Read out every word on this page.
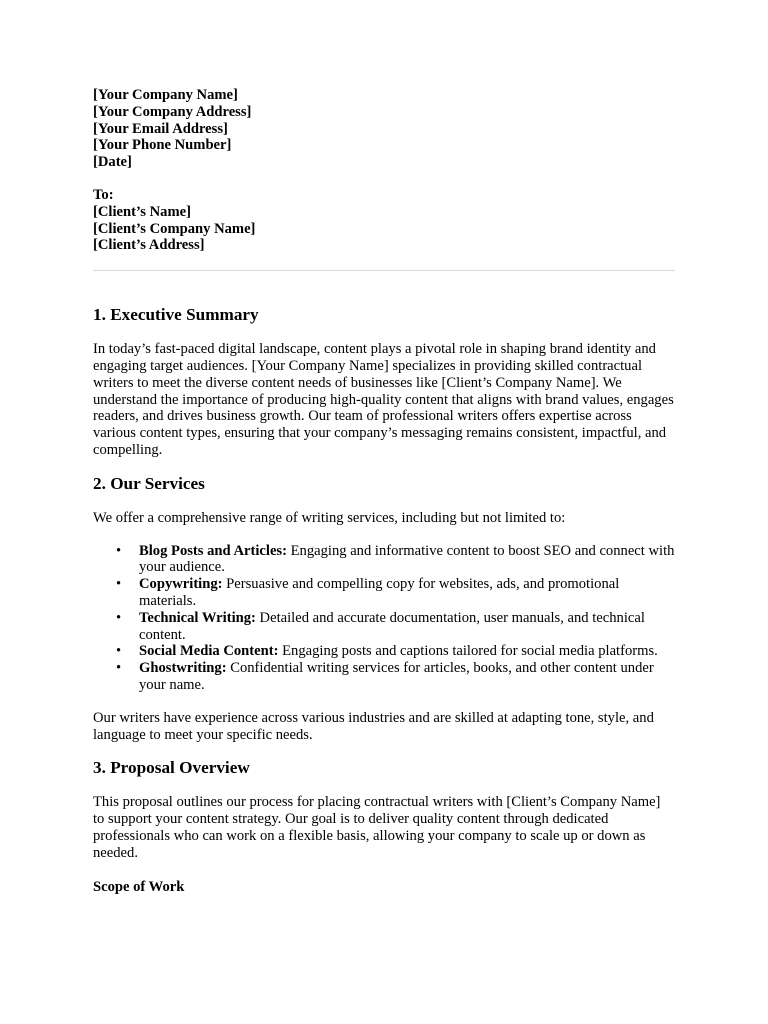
[Your Company Name]

[Your Company Address]

[Your Email Address]

[Your Phone Number]

[Date]

To:

[Client’s Name]

[Client’s Company Name]

[Client’s Address]

1. Executive Summary

In today’s fast-paced digital landscape, content plays a pivotal role in shaping brand identity and engaging target audiences. [Your Company Name] specializes in providing skilled contractual writers to meet the diverse content needs of businesses like [Client’s Company Name]. We understand the importance of producing high-quality content that aligns with brand values, engages readers, and drives business growth. Our team of professional writers offers expertise across various content types, ensuring that your company’s messaging remains consistent, impactful, and compelling.

2. Our Services

We offer a comprehensive range of writing services, including but not limited to:

• Blog Posts and Articles: Engaging and informative content to boost SEO and connect with your audience.
• Copywriting: Persuasive and compelling copy for websites, ads, and promotional materials.
• Technical Writing: Detailed and accurate documentation, user manuals, and technical content.
• Social Media Content: Engaging posts and captions tailored for social media platforms.
• Ghostwriting: Confidential writing services for articles, books, and other content under your name.

Our writers have experience across various industries and are skilled at adapting tone, style, and language to meet your specific needs.

3. Proposal Overview

This proposal outlines our process for placing contractual writers with [Client’s Company Name] to support your content strategy. Our goal is to deliver quality content through dedicated professionals who can work on a flexible basis, allowing your company to scale up or down as needed.

Scope of Work
